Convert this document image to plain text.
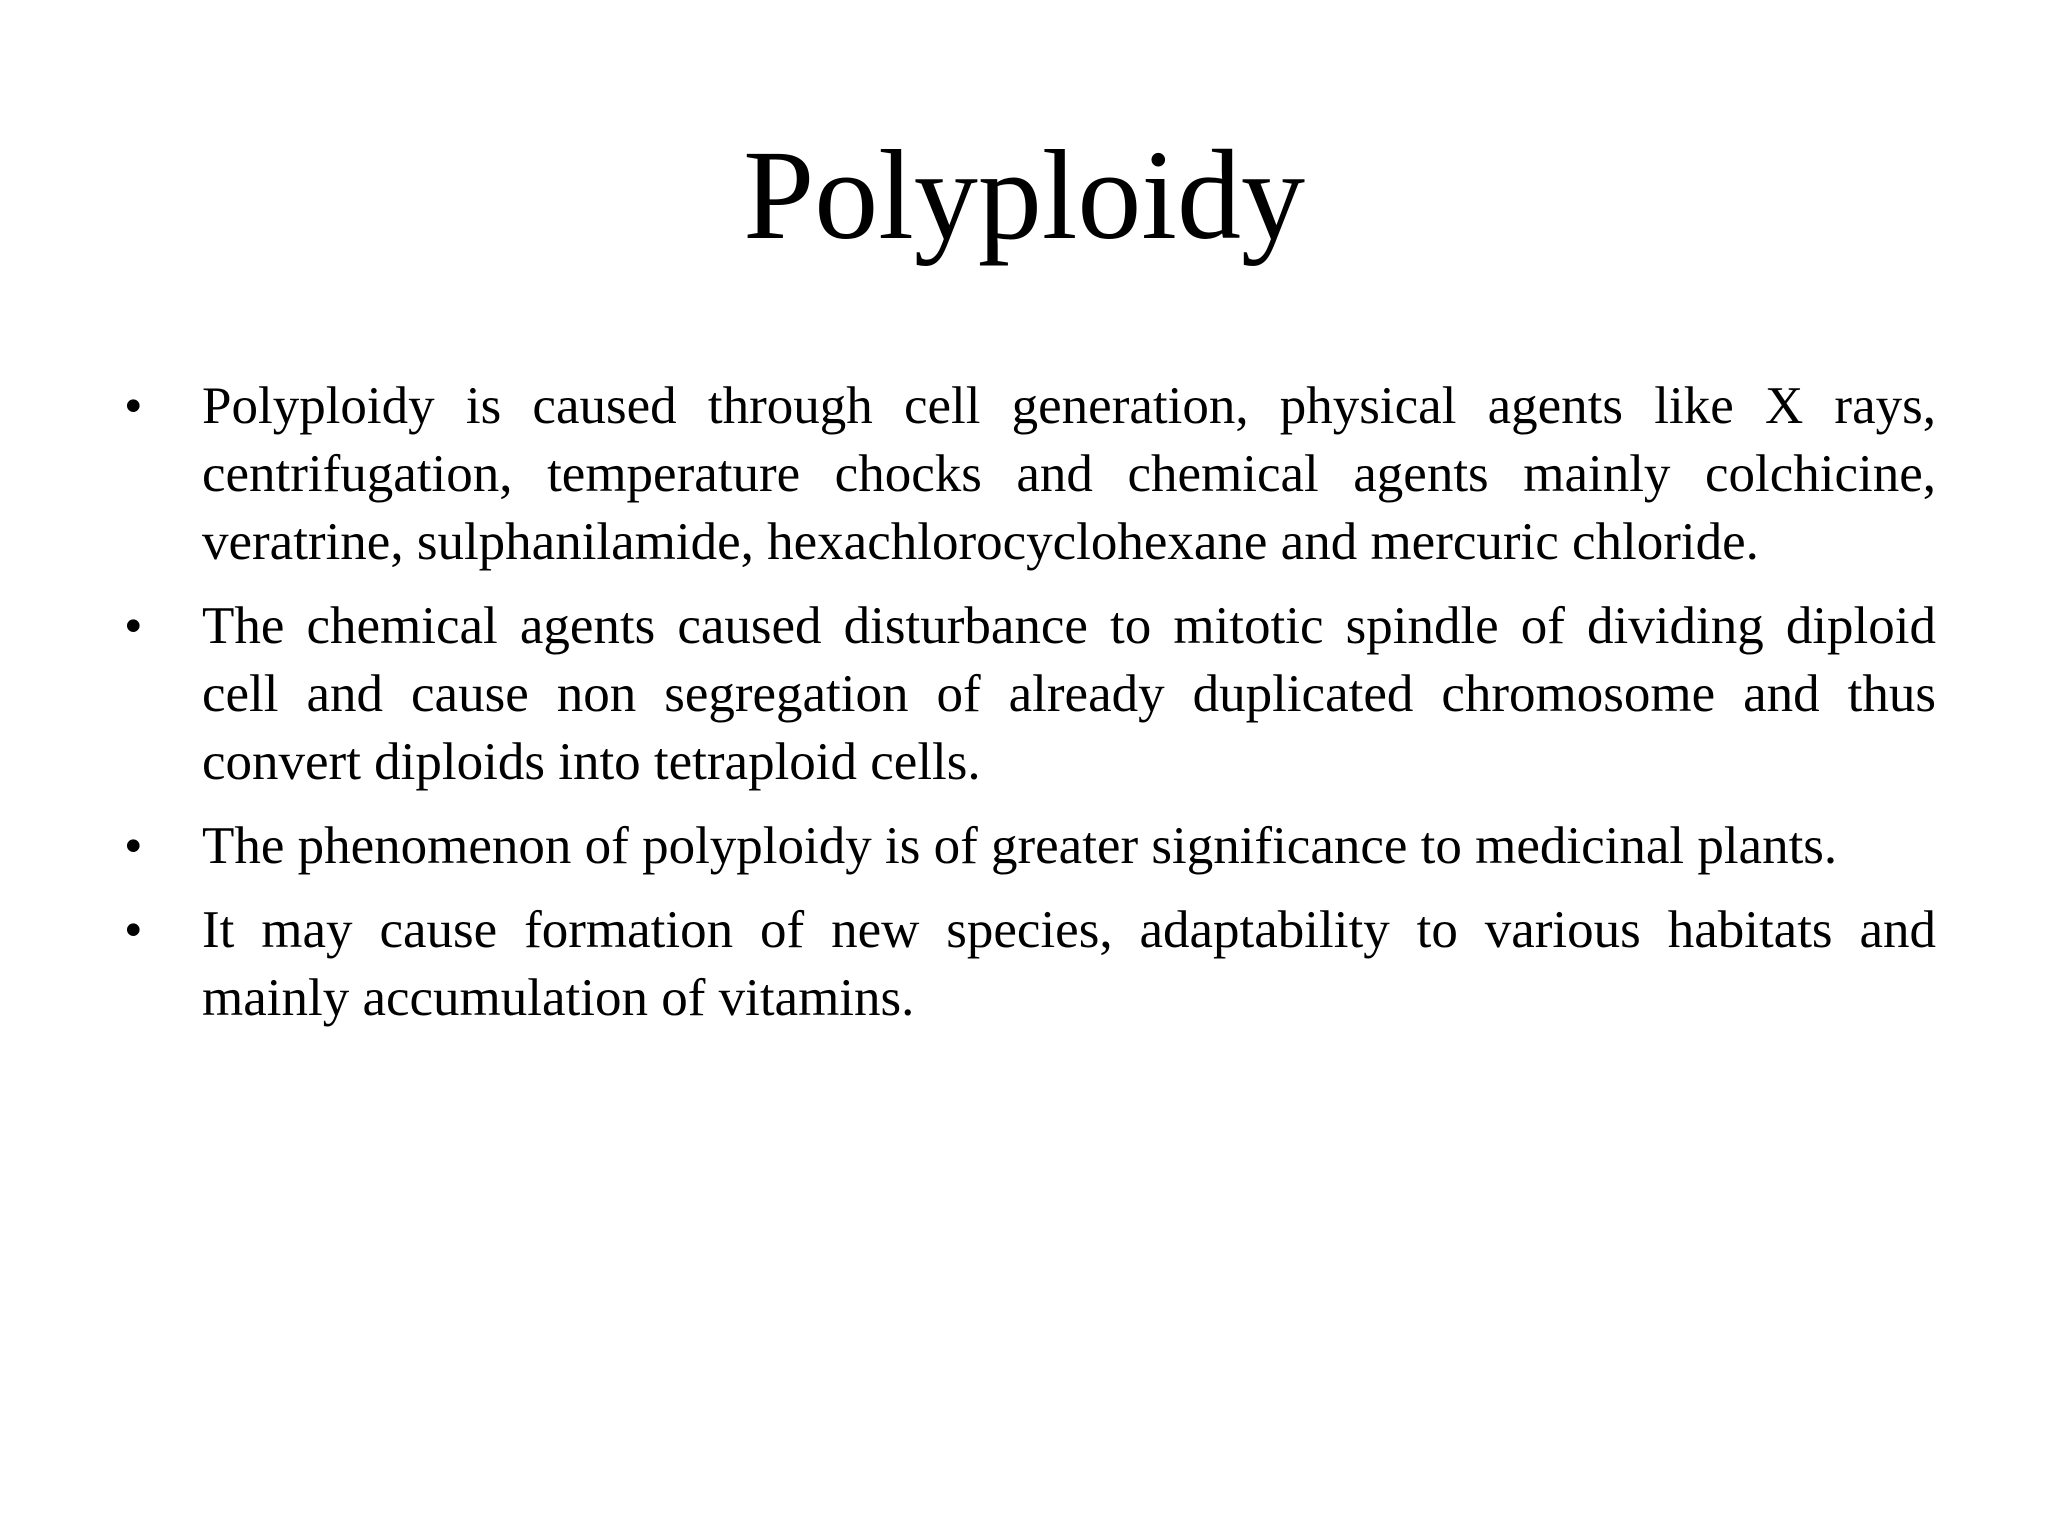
Polyploidy
• Polyploidy is caused through cell generation, physical agents like X rays, centrifugation, temperature chocks and chemical agents mainly colchicine, veratrine, sulphanilamide, hexachlorocyclohexane and mercuric chloride.
• The chemical agents caused disturbance to mitotic spindle of dividing diploid cell and cause non segregation of already duplicated chromosome and thus convert diploids into tetraploid cells.
• The phenomenon of polyploidy is of greater significance to medicinal plants.
• It may cause formation of new species, adaptability to various habitats and mainly accumulation of vitamins.
